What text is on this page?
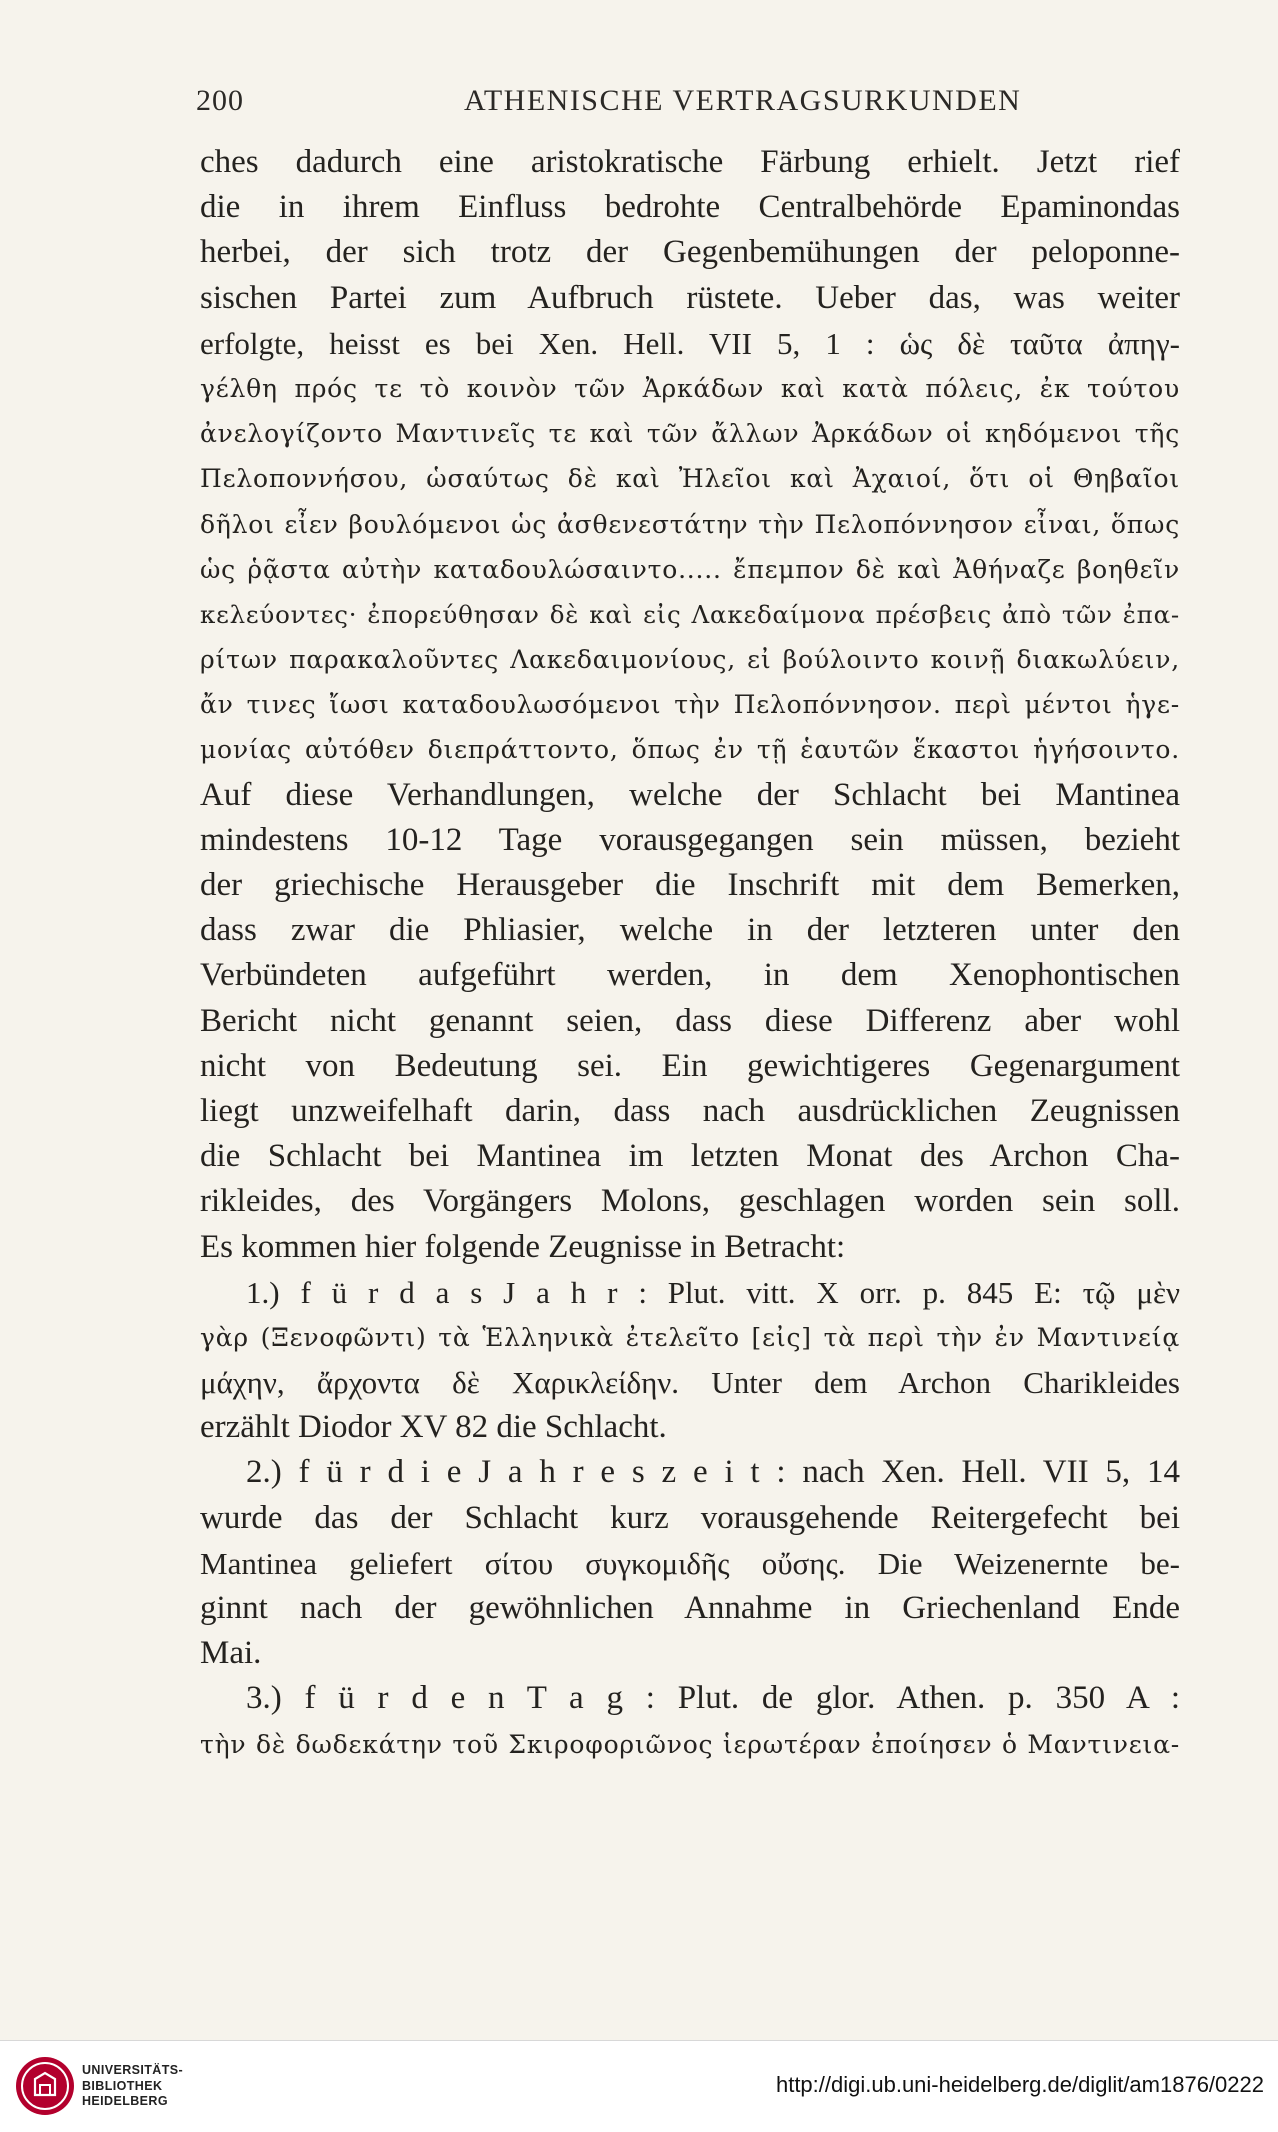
200	ATHENISCHE VERTRAGSURKUNDEN
ches dadurch eine aristokratische Färbung erhielt. Jetzt rief
die in ihrem Einfluss bedrohte Centralbehörde Epaminondas
herbei, der sich trotz der Gegenbemühungen der peloponne-
sischen Partei zum Aufbruch rüstete. Ueber das, was weiter
erfolgte, heisst es bei Xen. Hell. VII 5, 1 : ὡς δὲ ταῦτα ἀπηγ-
γέλθη πρός τε τὸ κοινὸν τῶν Ἀρκάδων καὶ κατὰ πόλεις, ἐκ τούτου
ἀνελογίζοντο Μαντινεῖς τε καὶ τῶν ἄλλων Ἀρκάδων οἱ κηδόμενοι τῆς
Πελοποννήσου, ὡσαύτως δὲ καὶ Ἠλεῖοι καὶ Ἀχαιοί, ὅτι οἱ Θηβαῖοι
δῆλοι εἶεν βουλόμενοι ὡς ἀσθενεστάτην τὴν Πελοπόννησον εἶναι, ὅπως
ὡς ῥᾷστα αὐτὴν καταδουλώσαιντο..... ἔπεμπον δὲ καὶ Ἀθήναζε βοηθεῖν
κελεύοντες· ἐπορεύθησαν δὲ καὶ εἰς Λακεδαίμονα πρέσβεις ἀπὸ τῶν ἐπα-
ρίτων παρακαλοῦντες Λακεδαιμονίους, εἰ βούλοιντο κοινῇ διακωλύειν,
ἄν τινες ἴωσι καταδουλωσόμενοι τὴν Πελοπόννησον. περὶ μέντοι ἡγε-
μονίας αὐτόθεν διεπράττοντο, ὅπως ἐν τῇ ἑαυτῶν ἕκαστοι ἡγήσοιντο.
Auf diese Verhandlungen, welche der Schlacht bei Mantinea
mindestens 10-12 Tage vorausgegangen sein müssen, bezieht
der griechische Herausgeber die Inschrift mit dem Bemerken,
dass zwar die Phliasier, welche in der letzteren unter den
Verbündeten aufgeführt werden, in dem Xenophontischen
Bericht nicht genannt seien, dass diese Differenz aber wohl
nicht von Bedeutung sei. Ein gewichtigeres Gegenargument
liegt unzweifelhaft darin, dass nach ausdrücklichen Zeugnissen
die Schlacht bei Mantinea im letzten Monat des Archon Cha-
rikleides, des Vorgängers Molons, geschlagen worden sein soll.
Es kommen hier folgende Zeugnisse in Betracht:
1.) f ü r d a s J a h r : Plut. vitt. X orr. p. 845 E: τῷ μὲν
γὰρ (Ξενοφῶντι) τὰ Ἑλληνικὰ ἐτελεῖτο [εἰς] τὰ περὶ τὴν ἐν Μαντινείᾳ
μάχην, ἄρχοντα δὲ Χαρικλείδην. Unter dem Archon Charikleides
erzählt Diodor XV 82 die Schlacht.
2.) f ü r d i e J a h r e s z e i t : nach Xen. Hell. VII 5, 14
wurde das der Schlacht kurz vorausgehende Reitergefecht bei
Mantinea geliefert σίτου συγκομιδῆς οὔσης. Die Weizenernte be-
ginnt nach der gewöhnlichen Annahme in Griechenland Ende
Mai.
3.) f ü r d e n T a g : Plut. de glor. Athen. p. 350 A :
τὴν δὲ δωδεκάτην τοῦ Σκιροφοριῶνος ἱερωτέραν ἐποίησεν ὁ Μαντινεια-
UNIVERSITÄTS-
BIBLIOTHEK
HEIDELBERG
http://digi.ub.uni-heidelberg.de/diglit/am1876/0222
